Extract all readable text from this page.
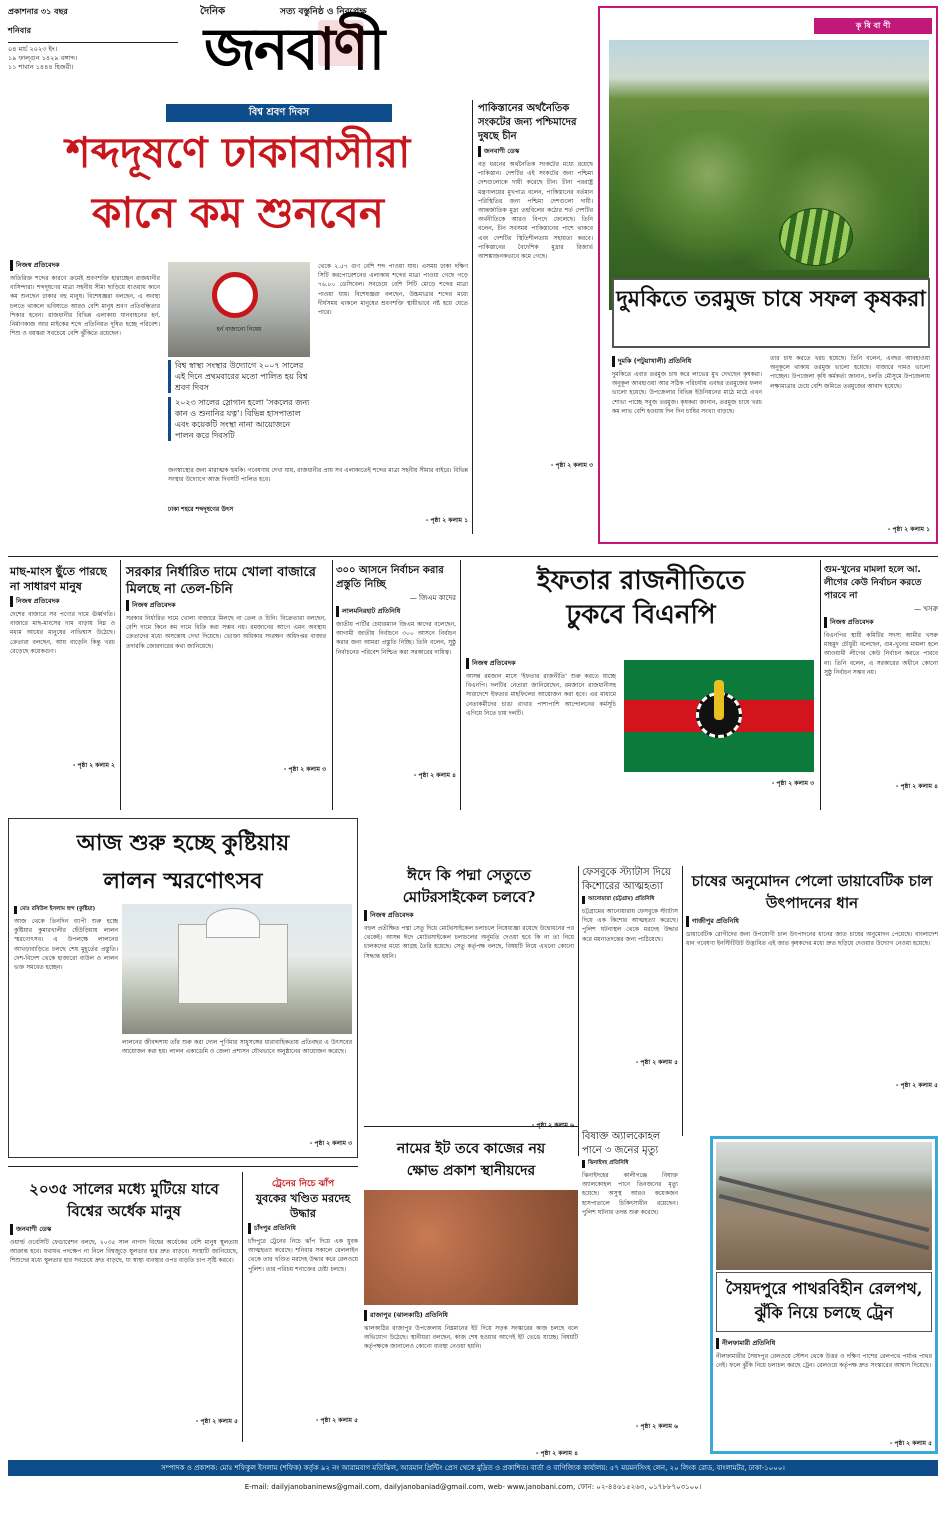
প্রকাশনার ৩১ বছর
শনিবার
০৪ মার্চ ২০২৩ ইং।
১৯ ফাল্গুন ১৪২৯ বঙ্গাব্দ।
১১ শাবান ১৪৪৪ হিজরী।
দৈনিক	সত্য বস্তুনিষ্ঠ ও নিরপেক্ষ
জনবাণী	কৃ ষি বা ণী
দুমকিতে তরমুজ চাষে সফল কৃষকরা
দুমকি (পটুয়াখালী) প্রতিনিধি
দুমকিতে এবার তরমুজ চাষ করে লাভের মুখ দেখছেন কৃষকরা। অনুকূল আবহাওয়া আর সঠিক পরিচর্যায় এবছর তরমুজের ফলন ভালো হয়েছে। উপজেলার বিভিন্ন ইউনিয়নের মাঠে মাঠে এখন শোভা পাচ্ছে সবুজ তরমুজ। কৃষকরা জানান, তরমুজ চাষে খরচ কম লাভ বেশি হওয়ায় দিন দিন চাষির সংখ্যা বাড়ছে।
তার চাষ করতে খরচ হয়েছে। তিনি বলেন, এবছর আবহাওয়া অনুকূলে থাকায় তরমুজ ভালো হয়েছে। বাজারে দামও ভালো পাচ্ছেন। উপজেলা কৃষি কর্মকর্তা জানান, চলতি মৌসুমে উপজেলায় লক্ষ্যমাত্রার চেয়ে বেশি জমিতে তরমুজের আবাদ হয়েছে।
- পৃষ্ঠা ২ কলাম ১
বিশ্ব শ্রবণ দিবস
শব্দদূষণে ঢাকাবাসীরা
কানে কম শুনবেন
নিজস্ব প্রতিবেদক
অতিরিক্ত শব্দের কারণে ক্রমেই শ্রবণশক্তি হারাচ্ছেন রাজধানীর বাসিন্দারা। শব্দদূষণের মাত্রা সহনীয় সীমা ছাড়িয়ে যাওয়ায় কানে কম শুনছেন ঢাকার বহু মানুষ। বিশেষজ্ঞরা বলছেন, এ অবস্থা চলতে থাকলে ভবিষ্যতে আরও বেশি মানুষ শ্রবণ প্রতিবন্ধিতার শিকার হবেন। রাজধানীর বিভিন্ন এলাকায় যানবাহনের হর্ন, নির্মাণকাজ আর মাইকের শব্দে প্রতিনিয়ত দূষিত হচ্ছে পরিবেশ। শিশু ও বয়স্করা সবচেয়ে বেশি ঝুঁকিতে রয়েছেন।
হর্ন বাজানো নিষেধ
বিশ্ব স্বাস্থ্য সংস্থার উদ্যোগে ২০০৭ সালের এই দিনে প্রথমবারের মতো পালিত হয় বিশ্ব শ্রবণ দিবস
২০২৩ সালের স্লোগান হলো 'সকলের জন্য কান ও শুনানির যত্ন'। বিভিন্ন হাসপাতাল এবং কয়েকটি সংস্থা নানা আয়োজনে পালন করে দিবসটি
থেকে ২.৫৭ গুণ বেশি শব্দ পাওয়া যায়। এসময় ঢাকা দক্ষিণ সিটি করপোরেশনের এলাকায় শব্দের মাত্রা পাওয়া গেছে গড়ে ৭৬.৮০ ডেসিবেল। সবচেয়ে বেশি সিটি মোড়ে শব্দের মাত্রা পাওয়া যায়। বিশেষজ্ঞরা বলছেন, উচ্চমাত্রার শব্দের মধ্যে দীর্ঘসময় থাকলে মানুষের শ্রবণশক্তি স্থায়ীভাবে নষ্ট হয়ে যেতে পারে।
জনস্বাস্থ্যের জন্য মারাত্মক হুমকি। গবেষণায় দেখা যায়, রাজধানীর প্রায় সব এলাকাতেই শব্দের মাত্রা সহনীয় সীমার বাইরে। বিভিন্ন সংস্থার উদ্যোগে আজ দিবসটি পালিত হবে।
ঢাকা শহরে শব্দদূষণের উৎস
- পৃষ্ঠা ২ কলাম ১
পাকিস্তানের অর্থনৈতিক সংকটের জন্য পশ্চিমাদের দুষছে চীন
জনবাণী ডেস্ক
বড় ধরনের অর্থনৈতিক সংকটের মধ্যে রয়েছে পাকিস্তান। দেশটির এই সংকটের জন্য পশ্চিমা দেশগুলোকে দায়ী করেছে চীন। চীনা পররাষ্ট্র মন্ত্রণালয়ের মুখপাত্র বলেন, পাকিস্তানের বর্তমান পরিস্থিতির জন্য পশ্চিমা দেশগুলো দায়ী। আন্তর্জাতিক মুদ্রা তহবিলের কঠোর শর্ত দেশটির অর্থনীতিকে আরও বিপদে ফেলেছে। তিনি বলেন, চীন সবসময় পাকিস্তানের পাশে থাকবে এবং দেশটির স্থিতিশীলতায় সহায়তা করবে। পাকিস্তানের বৈদেশিক মুদ্রার রিজার্ভ আশঙ্কাজনকভাবে কমে গেছে।
- পৃষ্ঠা ২ কলাম ৩
মাছ-মাংস ছুঁতে পারছে না সাধারণ মানুষ
নিজস্ব প্রতিবেদক
দেশের বাজারে সব পণ্যের দামে ঊর্ধ্বগতি। বাজারে মাছ-মাংসের দাম বাড়ায় নিম্ন ও মধ্যম আয়ের মানুষের নাভিশ্বাস উঠেছে। ক্রেতারা বলছেন, আয় বাড়েনি কিন্তু খরচ বেড়েছে কয়েকগুণ।
- পৃষ্ঠা ২ কলাম ২
সরকার নির্ধারিত দামে খোলা বাজারে মিলছে না তেল-চিনি
নিজস্ব প্রতিবেদক
সরকার নির্ধারিত দামে খোলা বাজারে মিলছে না তেল ও চিনি। বিক্রেতারা বলছেন, বেশি দামে কিনে কম দামে বিক্রি করা সম্ভব নয়। রমজানের আগে এমন অবস্থায় ক্রেতাদের মধ্যে অসন্তোষ দেখা দিয়েছে। ভোক্তা অধিকার সংরক্ষণ অধিদপ্তর বাজার তদারকি জোরদারের কথা জানিয়েছে।
- পৃষ্ঠা ২ কলাম ৩
৩০০ আসনে নির্বাচন করার প্রস্তুতি নিচ্ছি
— জিএম কাদের
লালমনিরহাট প্রতিনিধি
জাতীয় পার্টির চেয়ারম্যান জিএম কাদের বলেছেন, আগামী জাতীয় নির্বাচনে ৩০০ আসনে নির্বাচন করার জন্য আমরা প্রস্তুতি নিচ্ছি। তিনি বলেন, সুষ্ঠু নির্বাচনের পরিবেশ নিশ্চিত করা সরকারের দায়িত্ব।
- পৃষ্ঠা ২ কলাম ৪
ইফতার রাজনীতিতে
ঢুকবে বিএনপি
নিজস্ব প্রতিবেদক
আসন্ন রমজান মাসে 'ইফতার রাজনীতি' শুরু করতে যাচ্ছে বিএনপি। দলটির নেতারা জানিয়েছেন, রমজানে রাজধানীসহ সারাদেশে ইফতার মাহফিলের আয়োজন করা হবে। এর মাধ্যমে নেতাকর্মীদের চাঙা রাখার পাশাপাশি আন্দোলনের কর্মসূচি এগিয়ে নিতে চায় দলটি।
- পৃষ্ঠা ২ কলাম ৩
গুম-খুনের মামলা হলে আ. লীগের কেউ নির্বাচন করতে পারবে না
— খসরু
নিজস্ব প্রতিবেদক
বিএনপির স্থায়ী কমিটির সদস্য আমীর খসরু মাহমুদ চৌধুরী বলেছেন, গুম-খুনের মামলা হলে আওয়ামী লীগের কেউ নির্বাচন করতে পারবে না। তিনি বলেন, এ সরকারের অধীনে কোনো সুষ্ঠু নির্বাচন সম্ভব নয়।
- পৃষ্ঠা ২ কলাম ৪
আজ শুরু হচ্ছে কুষ্টিয়ায়
লালন স্মরণোৎসব
মোঃ রবিউল ইসলাম ছন্দ (কুষ্টিয়া)
আজ থেকে তিনদিন ব্যাপী শুরু হচ্ছে কুষ্টিয়ার কুমারখালীর ছেঁউড়িয়ায় লালন স্মরণোৎসব। এ উপলক্ষে লালনের আখড়াবাড়িতে চলছে শেষ মুহূর্তের প্রস্তুতি। দেশ-বিদেশ থেকে হাজারো বাউল ও লালন ভক্ত সমবেত হচ্ছেন।
লালনের জীবদ্দশায় তাঁর শুরু করা দোল পূর্ণিমার সাধুসঙ্গের ধারাবাহিকতায় প্রতিবছর এ উৎসবের আয়োজন করা হয়। লালন একাডেমি ও জেলা প্রশাসন যৌথভাবে অনুষ্ঠানের আয়োজন করেছে।
- পৃষ্ঠা ২ কলাম ৩
ঈদে কি পদ্মা সেতুতে মোটরসাইকেল চলবে?
নিজস্ব প্রতিবেদক
বহুল প্রতীক্ষিত পদ্মা সেতু দিয়ে মোটরসাইকেল চলাচলে নিষেধাজ্ঞা রয়েছে উদ্বোধনের পর থেকেই। আসন্ন ঈদে মোটরসাইকেল চলাচলের অনুমতি দেওয়া হবে কি না তা নিয়ে চালকদের মধ্যে আগ্রহ তৈরি হয়েছে। সেতু কর্তৃপক্ষ বলছে, বিষয়টি নিয়ে এখনো কোনো সিদ্ধান্ত হয়নি।
ফেসবুকে স্ট্যাটাস দিয়ে কিশোরের আত্মহত্যা
আনোয়ারা (চট্টগ্রাম) প্রতিনিধি
চট্টগ্রামের আনোয়ারায় ফেসবুকে স্ট্যাটাস দিয়ে এক কিশোর আত্মহত্যা করেছে। পুলিশ ঘটনাস্থল থেকে মরদেহ উদ্ধার করে ময়নাতদন্তের জন্য পাঠিয়েছে।
- পৃষ্ঠা ২ কলাম ৫
চাষের অনুমোদন পেলো ডায়াবেটিক চাল উৎপাদনের ধান
গাজীপুর প্রতিনিধি
ডায়াবেটিক রোগীদের জন্য উপযোগী চাল উৎপাদনের ধানের জাত চাষের অনুমোদন পেয়েছে। বাংলাদেশ ধান গবেষণা ইনস্টিটিউট উদ্ভাবিত এই জাত কৃষকদের মধ্যে দ্রুত ছড়িয়ে দেওয়ার উদ্যোগ নেওয়া হয়েছে।
- পৃষ্ঠা ২ কলাম ৫
নামের ইট তবে কাজের নয়
ক্ষোভ প্রকাশ স্থানীয়দের
রাজাপুর (ঝালকাঠি) প্রতিনিধি
ঝালকাঠির রাজাপুর উপজেলায় নিম্নমানের ইট দিয়ে সড়ক সংস্কারের কাজ চলছে বলে অভিযোগ উঠেছে। স্থানীয়রা বলছেন, কাজ শেষ হওয়ার আগেই ইট ভেঙে যাচ্ছে। বিষয়টি কর্তৃপক্ষকে জানালেও কোনো ব্যবস্থা নেওয়া হয়নি।
- পৃষ্ঠা ২ কলাম ৪
বিষাক্ত অ্যালকোহল পানে ৩ জনের মৃত্যু
ঝিনাইদহ প্রতিনিধি
ঝিনাইদহের কালীগঞ্জে বিষাক্ত অ্যালকোহল পানে তিনজনের মৃত্যু হয়েছে। অসুস্থ আরও কয়েকজন হাসপাতালে চিকিৎসাধীন রয়েছেন। পুলিশ ঘটনার তদন্ত শুরু করেছে।
- পৃষ্ঠা ২ কলাম ৬
সৈয়দপুরে পাথরবিহীন রেলপথ, ঝুঁকি নিয়ে চলছে ট্রেন
নীলফামারী প্রতিনিধি
নীলফামারীর সৈয়দপুর রেলওয়ে স্টেশন থেকে উত্তর ও দক্ষিণ পাশের রেলপথে পর্যাপ্ত পাথর নেই। ফলে ঝুঁকি নিয়ে চলাচল করছে ট্রেন। রেলওয়ে কর্তৃপক্ষ দ্রুত সংস্কারের আশ্বাস দিয়েছে।
- পৃষ্ঠা ২ কলাম ৫
২০৩৫ সালের মধ্যে মুটিয়ে যাবে বিশ্বের অর্ধেক মানুষ
জনবাণী ডেস্ক
ওয়ার্ল্ড ওবেসিটি ফেডারেশন বলছে, ২০৩৫ সাল নাগাদ বিশ্বের অর্ধেকের বেশি মানুষ স্থূলতায় আক্রান্ত হবে। যথাযথ পদক্ষেপ না নিলে বিশ্বজুড়ে স্থূলতার হার দ্রুত বাড়বে। সংস্থাটি জানিয়েছে, শিশুদের মধ্যে স্থূলতার হার সবচেয়ে দ্রুত বাড়ছে, যা স্বাস্থ্য ব্যবস্থার ওপর বাড়তি চাপ সৃষ্টি করবে।
- পৃষ্ঠা ২ কলাম ৫
ট্রেনের নিচে ঝাঁপ
যুবকের খণ্ডিত মরদেহ উদ্ধার
চাঁদপুর প্রতিনিধি
চাঁদপুরে ট্রেনের নিচে ঝাঁপ দিয়ে এক যুবক আত্মহত্যা করেছে। শনিবার সকালে রেললাইন থেকে তার খণ্ডিত মরদেহ উদ্ধার করে রেলওয়ে পুলিশ। তার পরিচয় শনাক্তের চেষ্টা চলছে।
- পৃষ্ঠা ২ কলাম ৫
সম্পাদক ও প্রকাশক: মোঃ শফিকুল ইসলাম (শফিক) কর্তৃক ৯২ নং আরামবাগ মতিঝিল, আরমান প্রিন্টিং প্রেস থেকে মুদ্রিত ও প্রকাশিত। বার্তা ও বাণিজ্যিক কার্যালয়: ৫৭ ময়মনসিংহ লেন, ২০ লিংক রোড, বাংলামটর, ঢাকা-১০০০।
E-mail: dailyjanobaninews@gmail.com, dailyjanobaniad@gmail.com, web- www.janobani.com, ফোন: ০২-৪৪৬১৫২৬৩, ০১৭৮৮৭০৩১০০।
